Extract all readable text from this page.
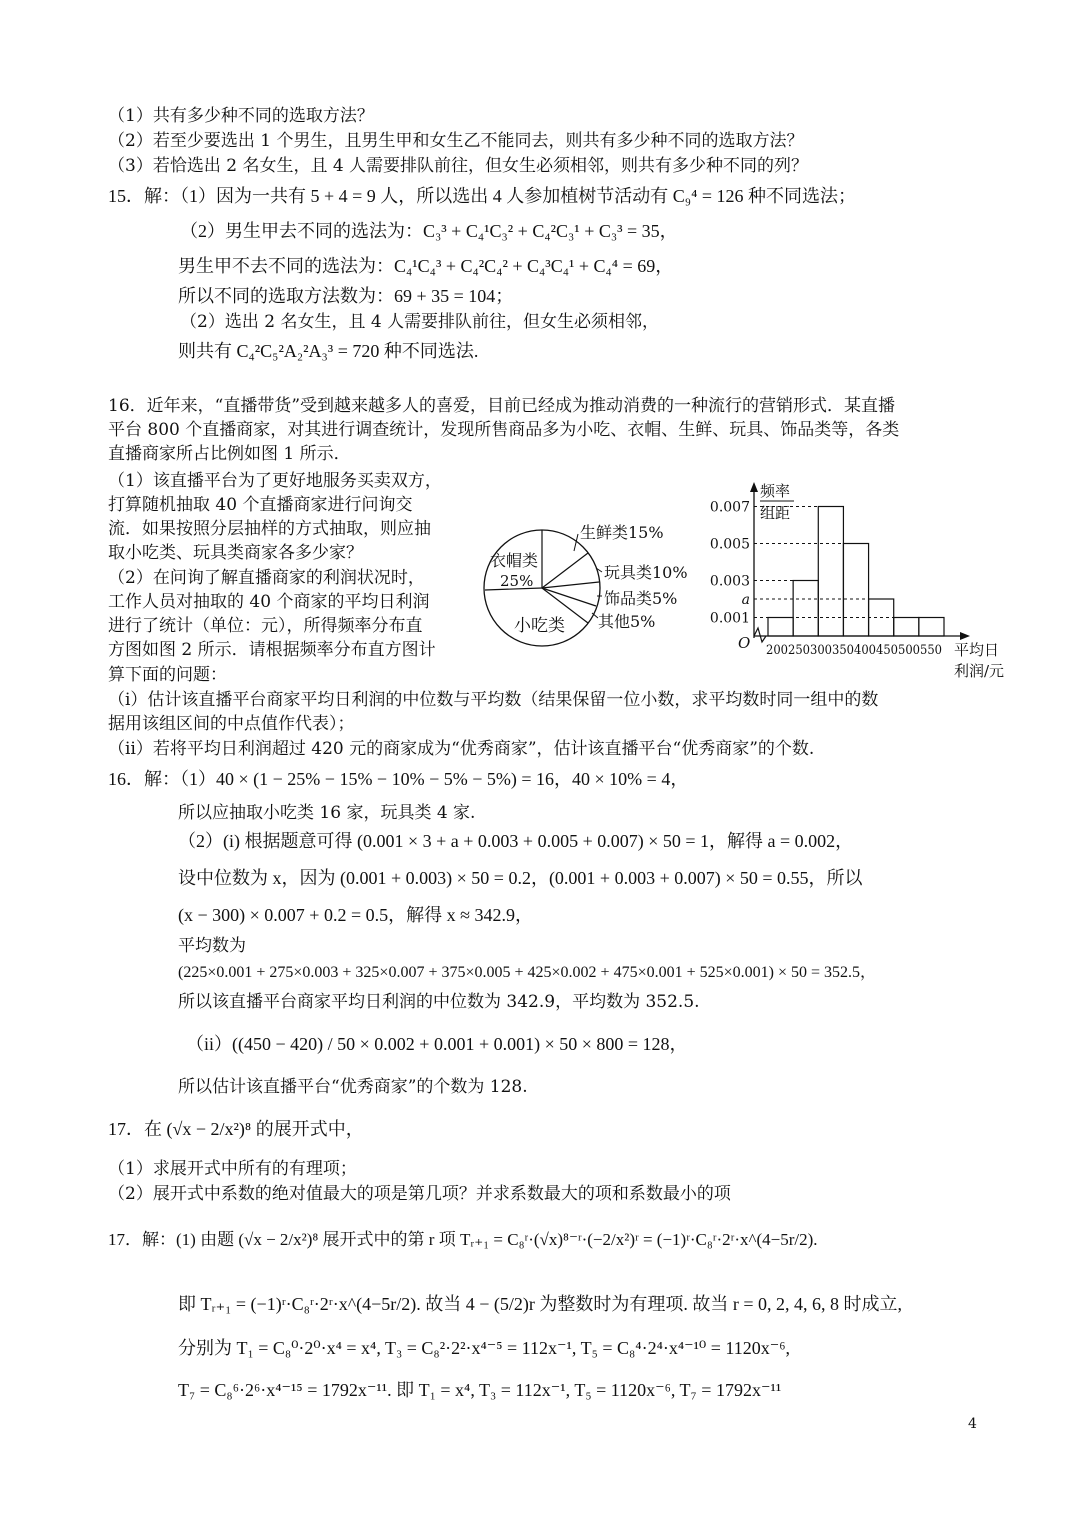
（1）共有多少种不同的选取方法？
（2）若至少要选出 1 个男生，且男生甲和女生乙不能同去，则共有多少种不同的选取方法？
（3）若恰选出 2 名女生，且 4 人需要排队前往，但女生必须相邻，则共有多少种不同的列？
15．解：（1）因为一共有 5 + 4 = 9 人，所以选出 4 人参加植树节活动有 C₉⁴ = 126 种不同选法；
（2）男生甲去不同的选法为：C₃³ + C₄¹C₃² + C₄²C₃¹ + C₃³ = 35，
男生甲不去不同的选法为：C₄¹C₄³ + C₄²C₄² + C₄³C₄¹ + C₄⁴ = 69，
所以不同的选取方法数为：69 + 35 = 104；
（2）选出 2 名女生，且 4 人需要排队前往，但女生必须相邻，
则共有 C₄²C₅²A₂²A₃³ = 720 种不同选法.
16．近年来，“直播带货”受到越来越多人的喜爱，目前已经成为推动消费的一种流行的营销形式．某直播
平台 800 个直播商家，对其进行调查统计，发现所售商品多为小吃、衣帽、生鲜、玩具、饰品类等，各类
直播商家所占比例如图 1 所示．
（1）该直播平台为了更好地服务买卖双方，
打算随机抽取 40 个直播商家进行问询交
流．如果按照分层抽样的方式抽取，则应抽
取小吃类、玩具类商家各多少家？
（2）在问询了解直播商家的利润状况时，
工作人员对抽取的 40 个商家的平均日利润
进行了统计（单位：元），所得频率分布直
方图如图 2 所示．请根据频率分布直方图计
算下面的问题：
衣帽类
25%
生鲜类15%
玩具类10%
饰品类5%
其他5%
小吃类
频率
组距
O 200250300350400450500550 平均日
利润/元
0.007
0.005
0.003
a
0.001
（ⅰ）估计该直播平台商家平均日利润的中位数与平均数（结果保留一位小数，求平均数时同一组中的数
据用该组区间的中点值作代表）；
（ⅱ）若将平均日利润超过 420 元的商家成为“优秀商家”，估计该直播平台“优秀商家”的个数.
16．解：（1）40 × (1 − 25% − 15% − 10% − 5% − 5%) = 16，40 × 10% = 4，
所以应抽取小吃类 16 家，玩具类 4 家.
（2）(i) 根据题意可得 (0.001 × 3 + a + 0.003 + 0.005 + 0.007) × 50 = 1，解得 a = 0.002，
设中位数为 x，因为 (0.001 + 0.003) × 50 = 0.2，(0.001 + 0.003 + 0.007) × 50 = 0.55，所以
(x − 300) × 0.007 + 0.2 = 0.5，解得 x ≈ 342.9，
平均数为
(225×0.001 + 275×0.003 + 325×0.007 + 375×0.005 + 425×0.002 + 475×0.001 + 525×0.001) × 50 = 352.5，
所以该直播平台商家平均日利润的中位数为 342.9，平均数为 352.5.
（ii）((450 − 420) / 50 × 0.002 + 0.001 + 0.001) × 50 × 800 = 128，
所以估计该直播平台“优秀商家”的个数为 128.
17．在 (√x − 2/x²)⁸ 的展开式中，
（1）求展开式中所有的有理项；
（2）展开式中系数的绝对值最大的项是第几项？并求系数最大的项和系数最小的项
17．解：(1) 由题 (√x − 2/x²)⁸ 展开式中的第 r 项 Tᵣ₊₁ = C₈ʳ·(√x)⁸⁻ʳ·(−2/x²)ʳ = (−1)ʳ·C₈ʳ·2ʳ·x^(4−5r/2).
即 Tᵣ₊₁ = (−1)ʳ·C₈ʳ·2ʳ·x^(4−5r/2). 故当 4 − (5/2)r 为整数时为有理项. 故当 r = 0, 2, 4, 6, 8 时成立,
分别为 T₁ = C₈⁰·2⁰·x⁴ = x⁴, T₃ = C₈²·2²·x⁴⁻⁵ = 112x⁻¹, T₅ = C₈⁴·2⁴·x⁴⁻¹⁰ = 1120x⁻⁶,
T₇ = C₈⁶·2⁶·x⁴⁻¹⁵ = 1792x⁻¹¹. 即 T₁ = x⁴, T₃ = 112x⁻¹, T₅ = 1120x⁻⁶, T₇ = 1792x⁻¹¹
4
